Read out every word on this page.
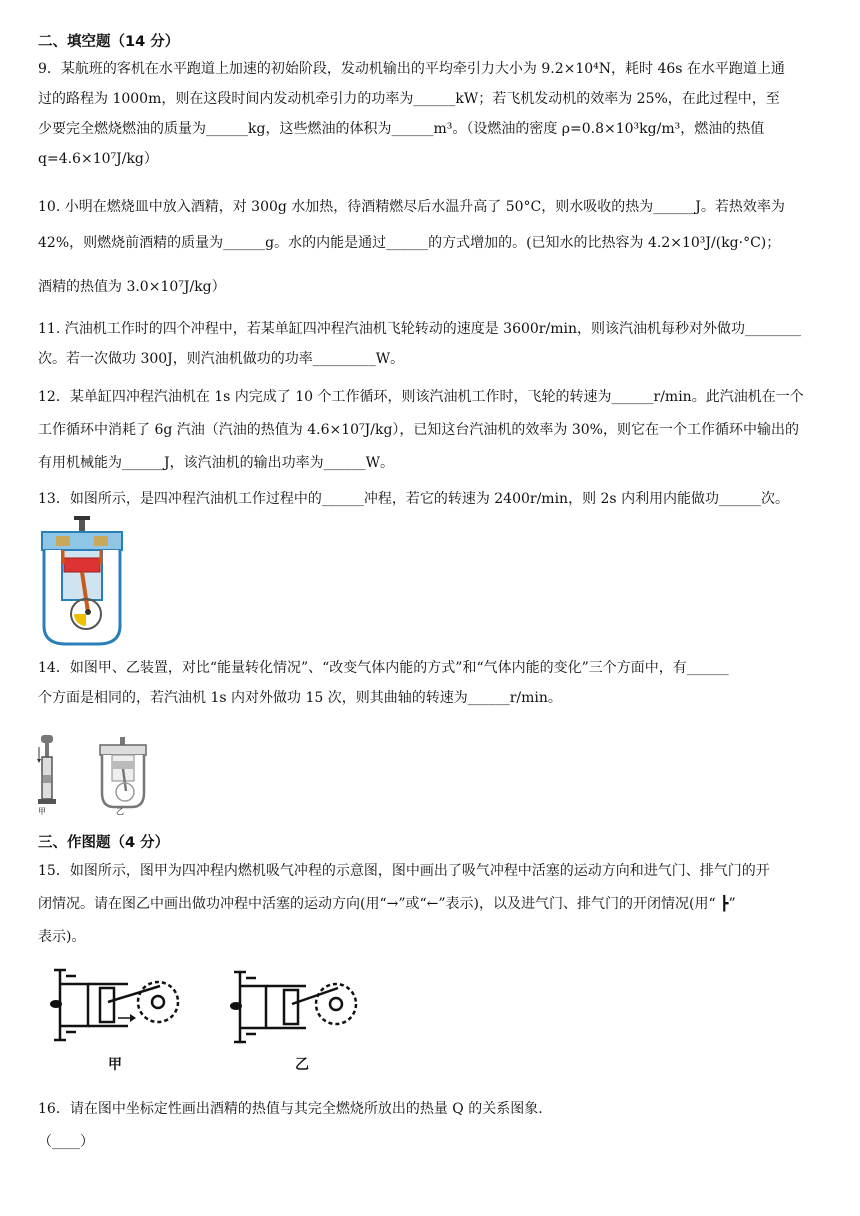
二、填空题（14 分）
9．某航班的客机在水平跑道上加速的初始阶段，发动机输出的平均牵引力大小为 9.2×10⁴N，耗时 46s 在水平跑道上通
过的路程为 1000m，则在这段时间内发动机牵引力的功率为______kW；若飞机发动机的效率为 25%，在此过程中，至
少要完全燃烧燃油的质量为______kg，这些燃油的体积为______m³。（设燃油的密度 ρ=0.8×10³kg/m³，燃油的热值
q=4.6×10⁷J/kg）
10. 小明在燃烧皿中放入酒精，对 300g 水加热，待酒精燃尽后水温升高了 50°C，则水吸收的热为______J。若热效率为
42%，则燃烧前酒精的质量为______g。水的内能是通过______的方式增加的。(已知水的比热容为 4.2×10³J/(kg·°C)；
酒精的热值为 3.0×10⁷J/kg）
11. 汽油机工作时的四个冲程中，若某单缸四冲程汽油机飞轮转动的速度是 3600r/min，则该汽油机每秒对外做功________
次。若一次做功 300J，则汽油机做功的功率_________W。
12．某单缸四冲程汽油机在 1s 内完成了 10 个工作循环，则该汽油机工作时，飞轮的转速为______r/min。此汽油机在一个
工作循环中消耗了 6g 汽油（汽油的热值为 4.6×10⁷J/kg），已知这台汽油机的效率为 30%，则它在一个工作循环中输出的
有用机械能为______J，该汽油机的输出功率为______W。
13．如图所示，是四冲程汽油机工作过程中的______冲程，若它的转速为 2400r/min，则 2s 内利用内能做功______次。
14．如图甲、乙装置，对比“能量转化情况”、“改变气体内能的方式”和“气体内能的变化”三个方面中，有______
个方面是相同的，若汽油机 1s 内对外做功 15 次，则其曲轴的转速为______r/min。
甲	乙
三、作图题（4 分）
15．如图所示，图甲为四冲程内燃机吸气冲程的示意图，图中画出了吸气冲程中活塞的运动方向和进气门、排气门的开
闭情况。请在图乙中画出做功冲程中活塞的运动方向(用“→”或“←”表示)，以及进气门、排气门的开闭情况(用“ ┣”
表示)。
甲	乙
16．请在图中坐标定性画出酒精的热值与其完全燃烧所放出的热量 Q 的关系图象.
（____）
